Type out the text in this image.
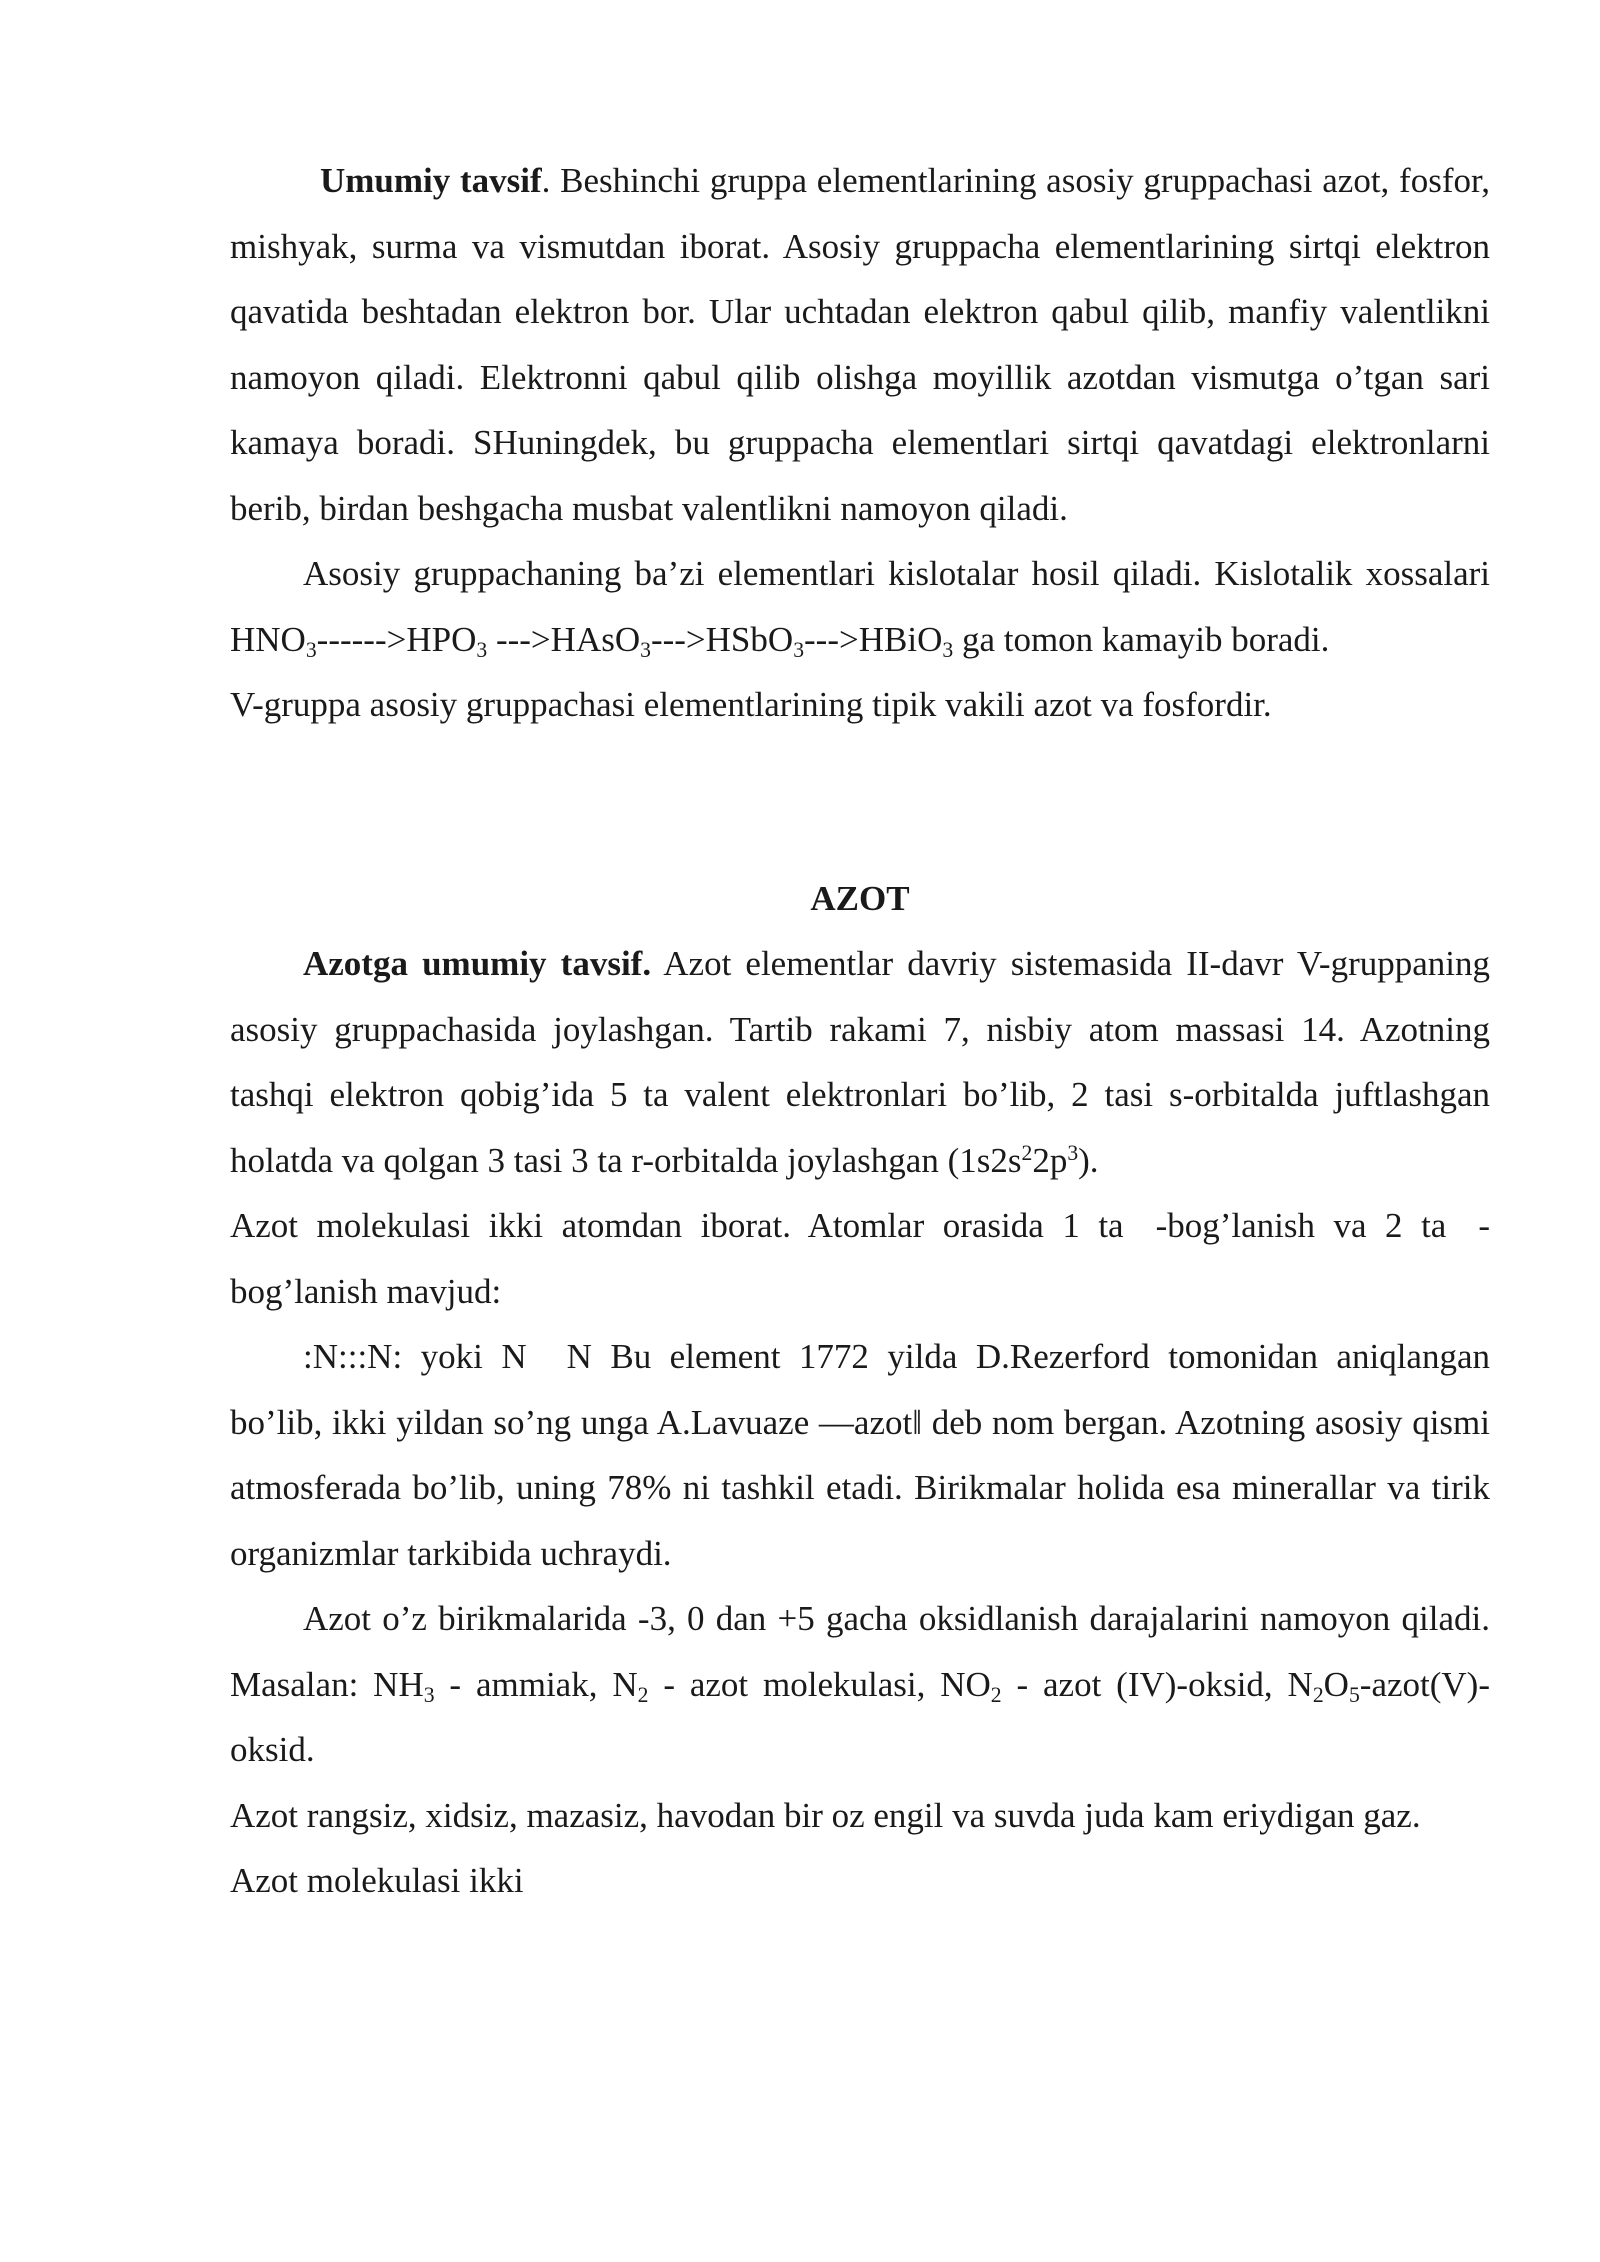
Umumiy tavsif. Beshinchi gruppa elementlarining asosiy gruppachasi azot, fosfor, mishyak, surma va vismutdan iborat. Asosiy gruppacha elementlarining sirtqi elektron qavatida beshtadan elektron bor. Ular uchtadan elektron qabul qilib, manfiy valentlikni namoyon qiladi. Elektronni qabul qilib olishga moyillik azotdan vismutga o’tgan sari kamaya boradi. SHuningdek, bu gruppacha elementlari sirtqi qavatdagi elektronlarni berib, birdan beshgacha musbat valentlikni namoyon qiladi.

Asosiy gruppachaning ba’zi elementlari kislotalar hosil qiladi. Kislotalik xossalari $HNO_3------>HPO_3$ --->HAsO$_3$--->HSbO$_3$--->HBiO$_3$ ga tomon kamayib boradi.

V-gruppa asosiy gruppachasi elementlarining tipik vakili azot va fosfordir.

AZOT

Azotga umumiy tavsif. Azot elementlar davriy sistemasida II-davr V-gruppaning asosiy gruppachasida joylashgan. Tartib rakami 7, nisbiy atom massasi 14. Azotning tashqi elektron qobig’ida 5 ta valent elektronlari bo’lib, 2 tasi s-orbitalda juftlashgan holatda va qolgan 3 tasi 3 ta r-orbitalda joylashgan $(1s2s^22p^3)$.

Azot molekulasi ikki atomdan iborat. Atomlar orasida 1 ta -bog’lanish va 2 ta -bog’lanish mavjud:

:N:::N: yoki N N Bu element 1772 yilda D.Rezerford tomonidan aniqlangan bo’lib, ikki yildan so’ng unga A.Lavuaze ―azot‖ deb nom bergan. Azotning asosiy qismi atmosferada bo’lib, uning 78% ni tashkil etadi. Birikmalar holida esa minerallar va tirik organizmlar tarkibida uchraydi.

Azot o’z birikmalarida -3, 0 dan +5 gacha oksidlanish darajalarini namoyon qiladi. Masalan: $NH_3$ - ammiak, $N_2$ - azot molekulasi, $NO_2$ - azot (IV)-oksid, $N_2O_5-azot(V)-$ oksid.

Azot rangsiz, xidsiz, mazasiz, havodan bir oz engil va suvda juda kam eriydigan gaz.

Azot molekulasi ikki
